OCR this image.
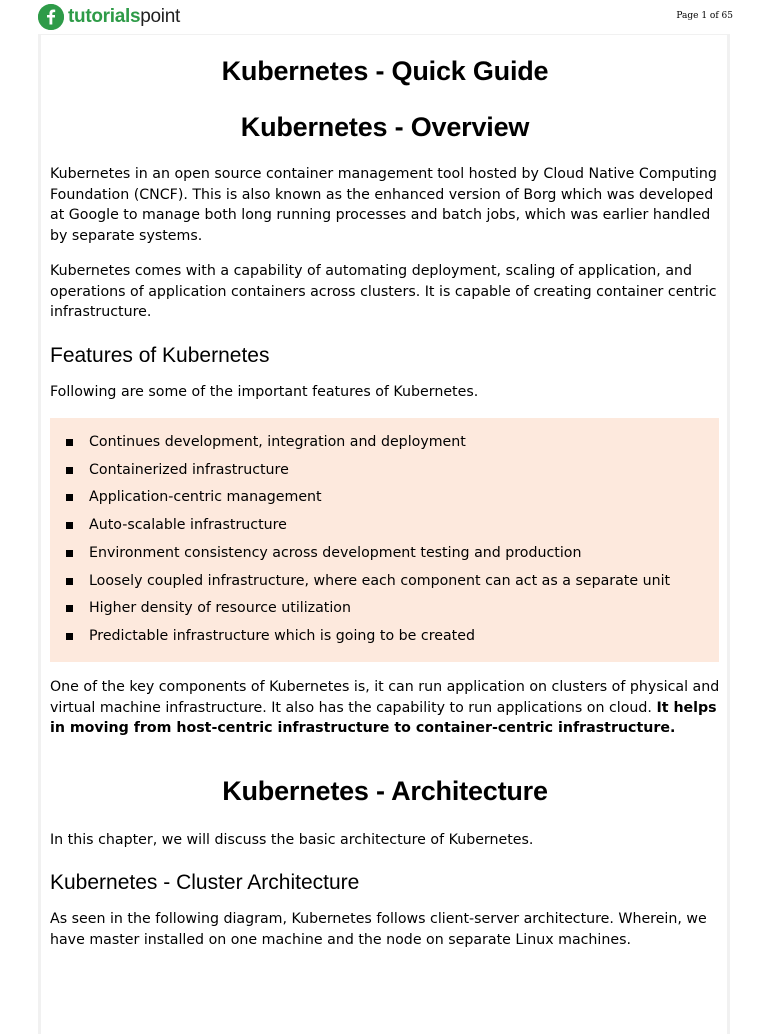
tutorialspoint	Page 1 of 65
Kubernetes - Quick Guide
Kubernetes - Overview

Kubernetes in an open source container management tool hosted by Cloud Native Computing Foundation (CNCF). This is also known as the enhanced version of Borg which was developed at Google to manage both long running processes and batch jobs, which was earlier handled by separate systems.

Kubernetes comes with a capability of automating deployment, scaling of application, and operations of application containers across clusters. It is capable of creating container centric infrastructure.

Features of Kubernetes

Following are some of the important features of Kubernetes.

Continues development, integration and deployment
Containerized infrastructure
Application-centric management
Auto-scalable infrastructure
Environment consistency across development testing and production
Loosely coupled infrastructure, where each component can act as a separate unit
Higher density of resource utilization
Predictable infrastructure which is going to be created

One of the key components of Kubernetes is, it can run application on clusters of physical and virtual machine infrastructure. It also has the capability to run applications on cloud. It helps in moving from host-centric infrastructure to container-centric infrastructure.

Kubernetes - Architecture

In this chapter, we will discuss the basic architecture of Kubernetes.

Kubernetes - Cluster Architecture

As seen in the following diagram, Kubernetes follows client-server architecture. Wherein, we have master installed on one machine and the node on separate Linux machines.
